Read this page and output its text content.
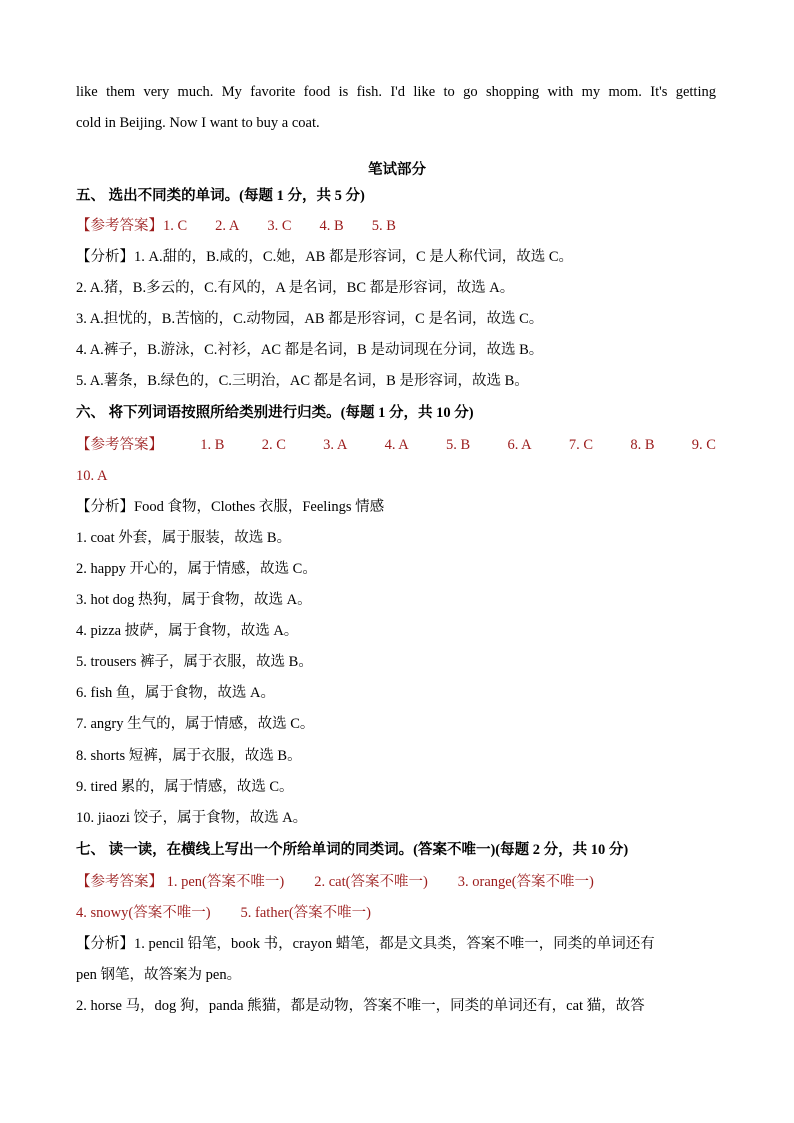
like them very much. My favorite food is fish. I'd like to go shopping with my mom. It's getting
cold in Beijing. Now I want to buy a coat.
笔试部分
五、 选出不同类的单词。(每题 1 分，共 5 分)
【参考答案】1. C 2. A 3. C 4. B 5. B
【分析】1. A.甜的，B.咸的，C.她，AB 都是形容词，C 是人称代词，故选 C。
2. A.猪，B.多云的，C.有风的，A 是名词，BC 都是形容词，故选 A。
3. A.担忧的，B.苦恼的，C.动物园，AB 都是形容词，C 是名词，故选 C。
4. A.裤子，B.游泳，C.衬衫，AC 都是名词，B 是动词现在分词，故选 B。
5. A.薯条，B.绿色的，C.三明治，AC 都是名词，B 是形容词，故选 B。
六、 将下列词语按照所给类别进行归类。(每题 1 分，共 10 分)
【参考答案】	1. B	2. C	3. A	4. A	5. B	6. A	7. C	8. B	9. C
10. A
【分析】Food 食物，Clothes 衣服，Feelings 情感
1. coat 外套，属于服装，故选 B。
2. happy 开心的，属于情感，故选 C。
3. hot dog 热狗，属于食物，故选 A。
4. pizza 披萨，属于食物，故选 A。
5. trousers 裤子，属于衣服，故选 B。
6. fish 鱼，属于食物，故选 A。
7. angry 生气的，属于情感，故选 C。
8. shorts 短裤，属于衣服，故选 B。
9. tired 累的，属于情感，故选 C。
10. jiaozi 饺子，属于食物，故选 A。
七、 读一读，在横线上写出一个所给单词的同类词。(答案不唯一)(每题 2 分，共 10 分)
【参考答案】 1. pen(答案不唯一) 2. cat(答案不唯一) 3. orange(答案不唯一)
4. snowy(答案不唯一) 5. father(答案不唯一)
【分析】1. pencil 铅笔，book 书，crayon 蜡笔，都是文具类，答案不唯一，同类的单词还有
pen 钢笔，故答案为 pen。
2. horse 马，dog 狗，panda 熊猫，都是动物，答案不唯一，同类的单词还有，cat 猫，故答
